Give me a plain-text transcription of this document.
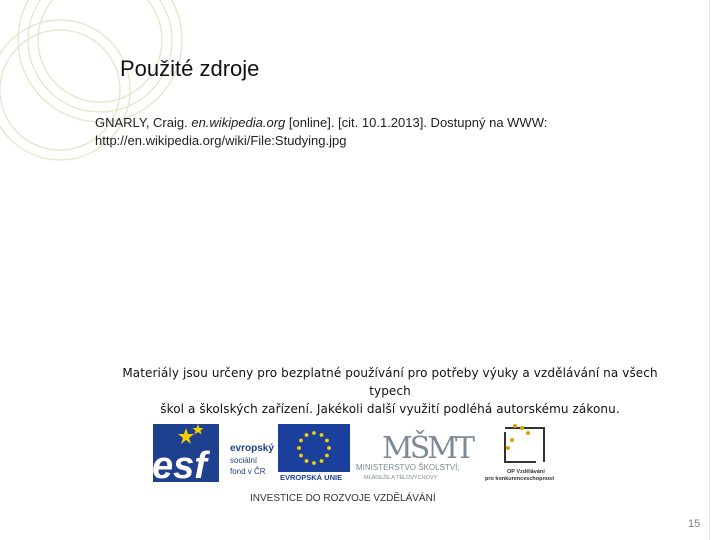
Použité zdroje
GNARLY, Craig. en.wikipedia.org [online]. [cit. 10.1.2013]. Dostupný na WWW:
http://en.wikipedia.org/wiki/File:Studying.jpg
Materiály jsou určeny pro bezplatné používání pro potřeby výuky a vzdělávání na všech typech
škol a školských zařízení. Jakékoli další využití podléhá autorskému zákonu.
esf	evropský
sociální
fond v ČR
EVROPSKÁ UNIE
MŠMT
MINISTERSTVO ŠKOLSTVÍ,
MLÁDEŽE A TĚLOVÝCHOVY
OP Vzdělávání
pro konkurenceschopnost
INVESTICE DO ROZVOJE VZDĚLÁVÁNÍ
15
